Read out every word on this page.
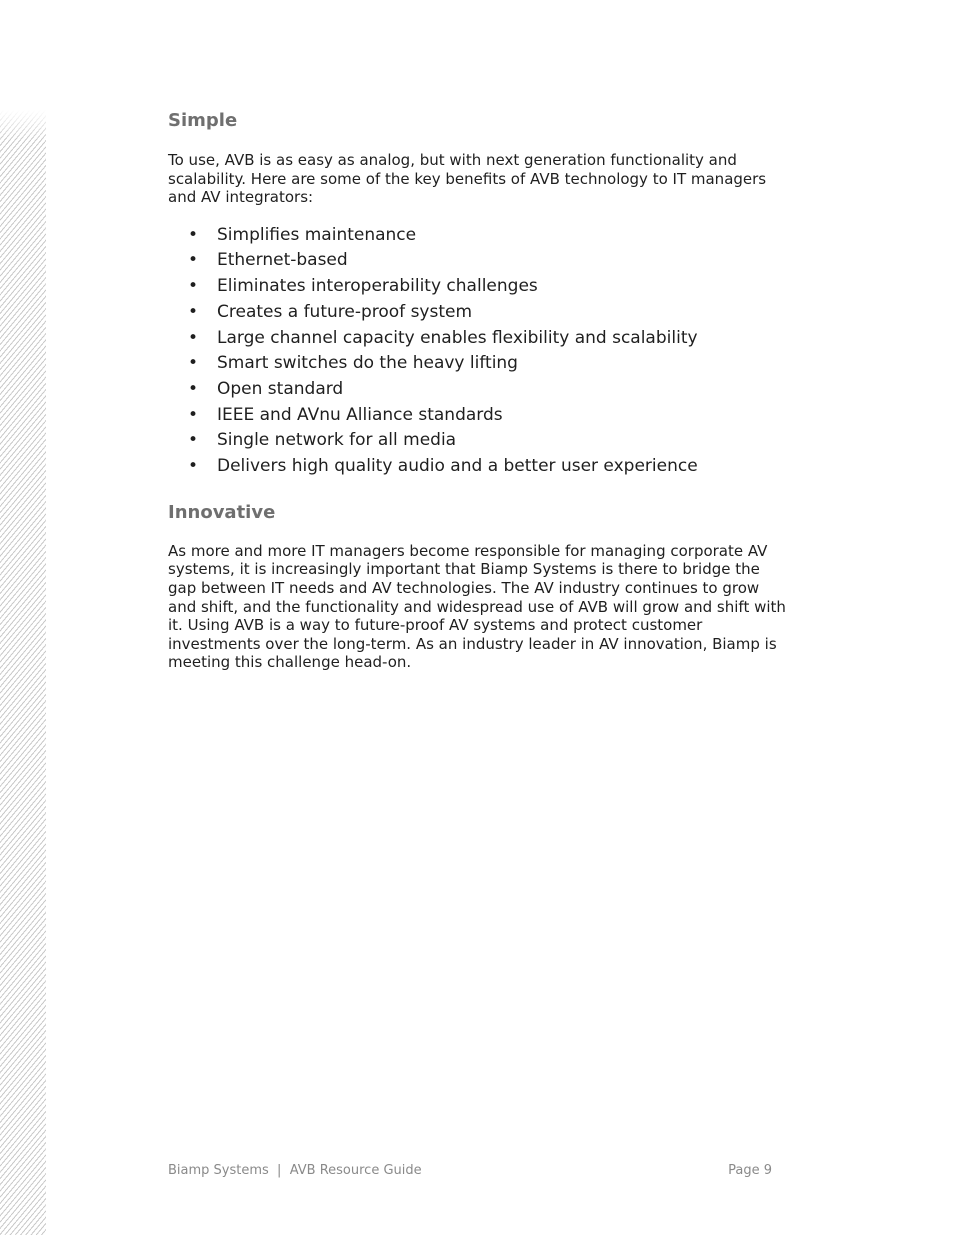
Simple

To use, AVB is as easy as analog, but with next generation functionality and scalability. Here are some of the key benefits of AVB technology to IT managers and AV integrators:

• Simplifies maintenance
• Ethernet-based
• Eliminates interoperability challenges
• Creates a future-proof system
• Large channel capacity enables flexibility and scalability
• Smart switches do the heavy lifting
• Open standard
• IEEE and AVnu Alliance standards
• Single network for all media
• Delivers high quality audio and a better user experience
Innovative

As more and more IT managers become responsible for managing corporate AV systems, it is increasingly important that Biamp Systems is there to bridge the gap between IT needs and AV technologies. The AV industry continues to grow and shift, and the functionality and widespread use of AVB will grow and shift with it. Using AVB is a way to future-proof AV systems and protect customer investments over the long-term. As an industry leader in AV innovation, Biamp is meeting this challenge head-on.

Biamp Systems  |  AVB Resource Guide	Page 9
